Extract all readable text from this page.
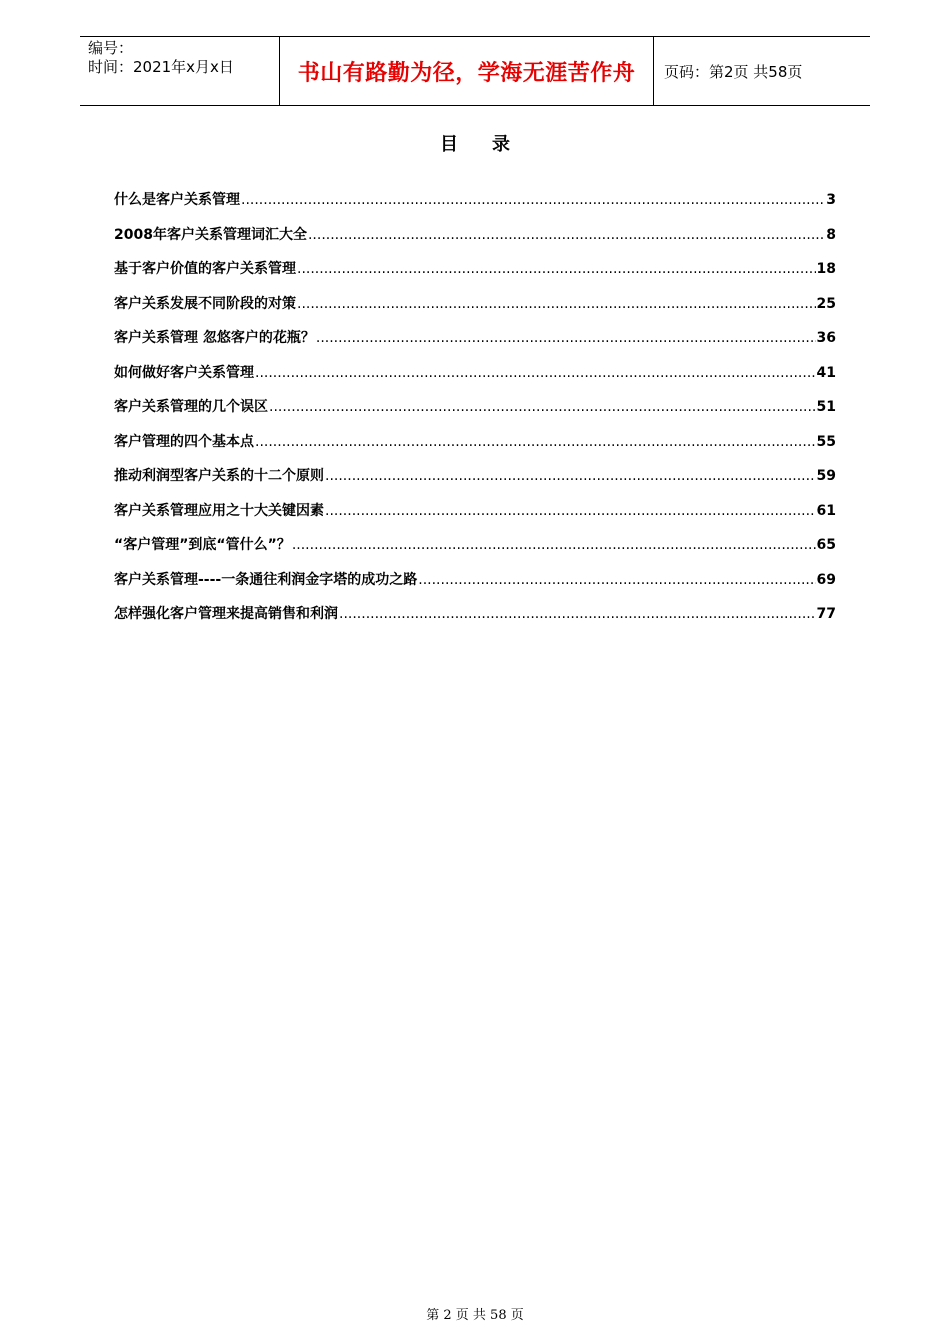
编号：
时间：2021年x月x日	书山有路勤为径，学海无涯苦作舟	页码：第2页 共58页
目录
什么是客户关系管理 .....	3
2008年客户关系管理词汇大全 .....	8
基于客户价值的客户关系管理 .....	18
客户关系发展不同阶段的对策 .....	25
客户关系管理 忽悠客户的花瓶？ .....	36
如何做好客户关系管理 .....	41
客户关系管理的几个误区 .....	51
客户管理的四个基本点 .....	55
推动利润型客户关系的十二个原则 .....	59
客户关系管理应用之十大关键因素 .....	61
“客户管理”到底“管什么”？ .....	65
客户关系管理----一条通往利润金字塔的成功之路 .....	69
怎样强化客户管理来提高销售和利润 .....	77
第 2 页 共 58 页
